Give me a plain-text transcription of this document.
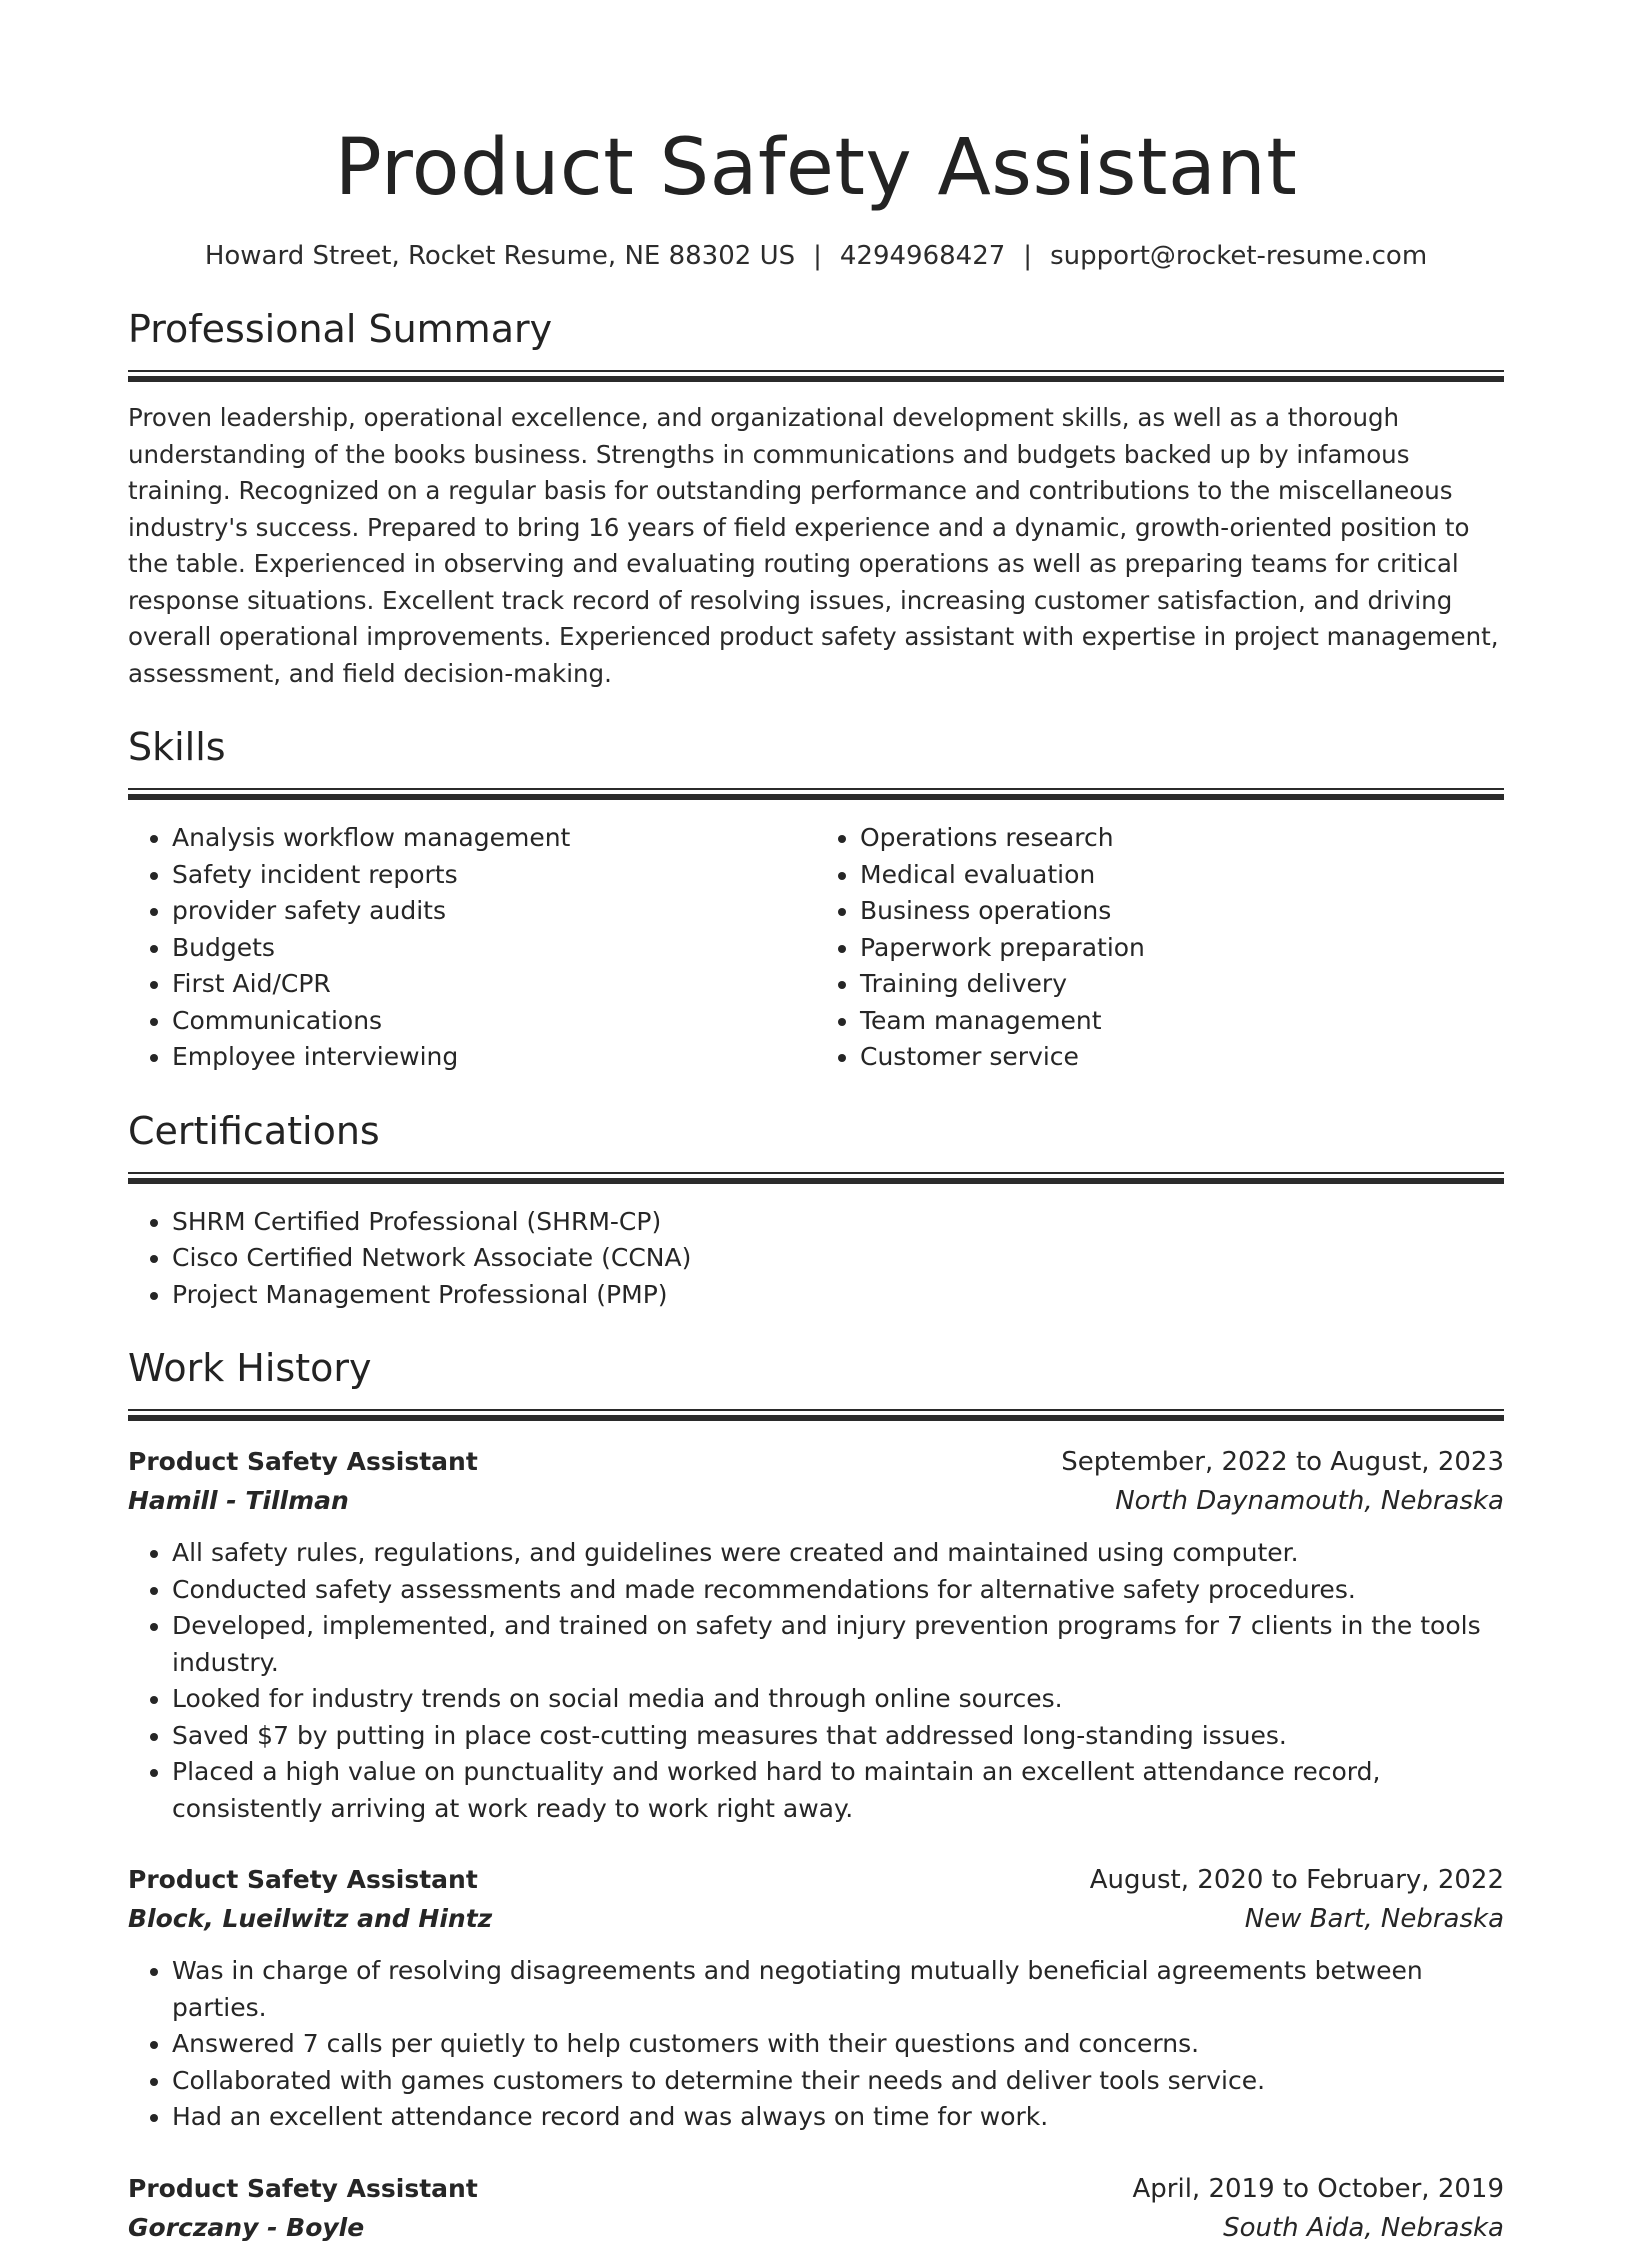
Product Safety Assistant
Howard Street, Rocket Resume, NE 88302 US | 4294968427 | support@rocket-resume.com
Professional Summary

Proven leadership, operational excellence, and organizational development skills, as well as a thorough understanding of the books business. Strengths in communications and budgets backed up by infamous training. Recognized on a regular basis for outstanding performance and contributions to the miscellaneous industry's success. Prepared to bring 16 years of field experience and a dynamic, growth-oriented position to the table. Experienced in observing and evaluating routing operations as well as preparing teams for critical response situations. Excellent track record of resolving issues, increasing customer satisfaction, and driving overall operational improvements. Experienced product safety assistant with expertise in project management, assessment, and field decision-making.

Skills
• Analysis workflow management
• Safety incident reports
• provider safety audits
• Budgets
• First Aid/CPR
• Communications
• Employee interviewing
• Operations research
• Medical evaluation
• Business operations
• Paperwork preparation
• Training delivery
• Team management
• Customer service
Certifications
• SHRM Certified Professional (SHRM-CP)
• Cisco Certified Network Associate (CCNA)
• Project Management Professional (PMP)
Work History
Product Safety Assistant	September, 2022 to August, 2023
Hamill - Tillman	North Daynamouth, Nebraska
• All safety rules, regulations, and guidelines were created and maintained using computer.
• Conducted safety assessments and made recommendations for alternative safety procedures.
• Developed, implemented, and trained on safety and injury prevention programs for 7 clients in the tools industry.
• Looked for industry trends on social media and through online sources.
• Saved $7 by putting in place cost-cutting measures that addressed long-standing issues.
• Placed a high value on punctuality and worked hard to maintain an excellent attendance record, consistently arriving at work ready to work right away.
Product Safety Assistant	August, 2020 to February, 2022
Block, Lueilwitz and Hintz	New Bart, Nebraska
• Was in charge of resolving disagreements and negotiating mutually beneficial agreements between parties.
• Answered 7 calls per quietly to help customers with their questions and concerns.
• Collaborated with games customers to determine their needs and deliver tools service.
• Had an excellent attendance record and was always on time for work.
Product Safety Assistant	April, 2019 to October, 2019
Gorczany - Boyle	South Aida, Nebraska
